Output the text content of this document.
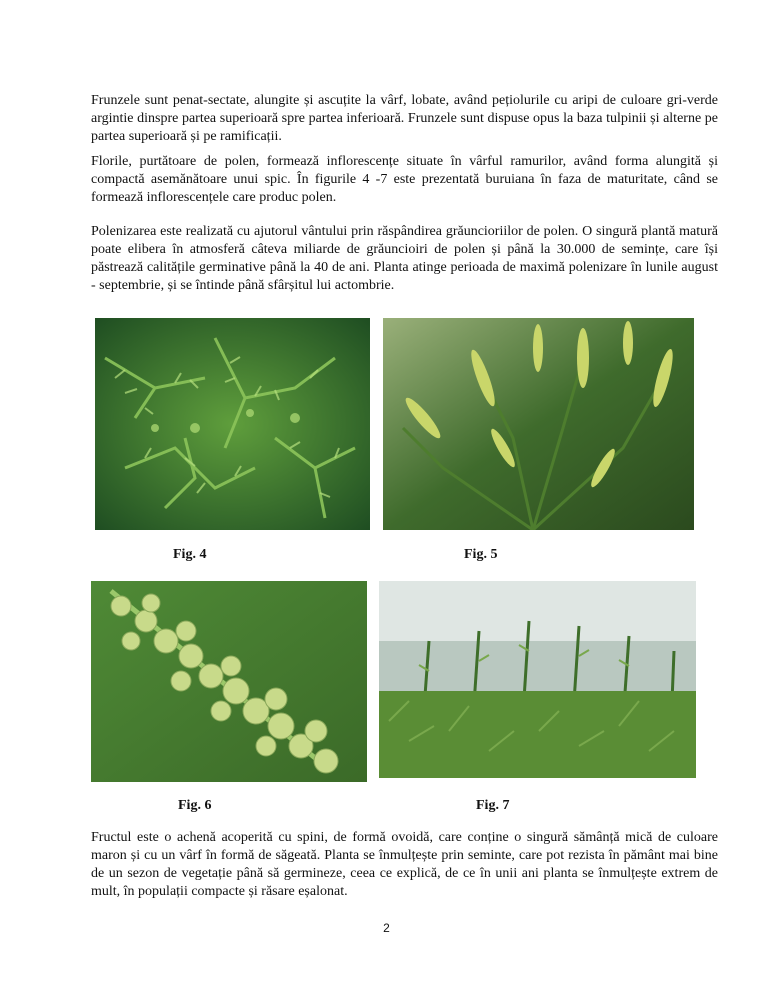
Frunzele sunt penat-sectate, alungite și ascuțite la vârf, lobate, având pețiolurile cu aripi de culoare gri-verde argintie dinspre partea superioară spre partea inferioară. Frunzele sunt dispuse opus la baza tulpinii și alterne pe partea superioară și pe ramificații.

Florile, purtătoare de polen, formează inflorescențe situate în vârful ramurilor, având forma alungită și compactă asemănătoare unui spic. În figurile 4 -7 este prezentată buruiana în faza de maturitate, când se formează inflorescențele care produc polen.

Polenizarea este realizată cu ajutorul vântului prin răspândirea grăuncioriilor de polen. O singură plantă matură poate elibera în atmosferă câteva miliarde de grăuncioiri de polen și până la 30.000 de semințe, care își păstrează calitățile germinative până la 40 de ani. Planta atinge perioada de maximă polenizare în lunile august - septembrie, și se întinde până sfârșitul lui actombrie.

Fig. 4	Fig. 5
Fig. 6	Fig. 7

Fructul este o achenă acoperită cu spini, de formă ovoidă, care conține o singură sămânță mică de culoare maron și cu un vârf în formă de săgeată. Planta se înmulțește prin seminte, care pot rezista în pământ mai bine de un sezon de vegetație până să germineze, ceea ce explică, de ce în unii ani planta se înmulțește extrem de mult, în populații compacte și răsare eșalonat.

2
